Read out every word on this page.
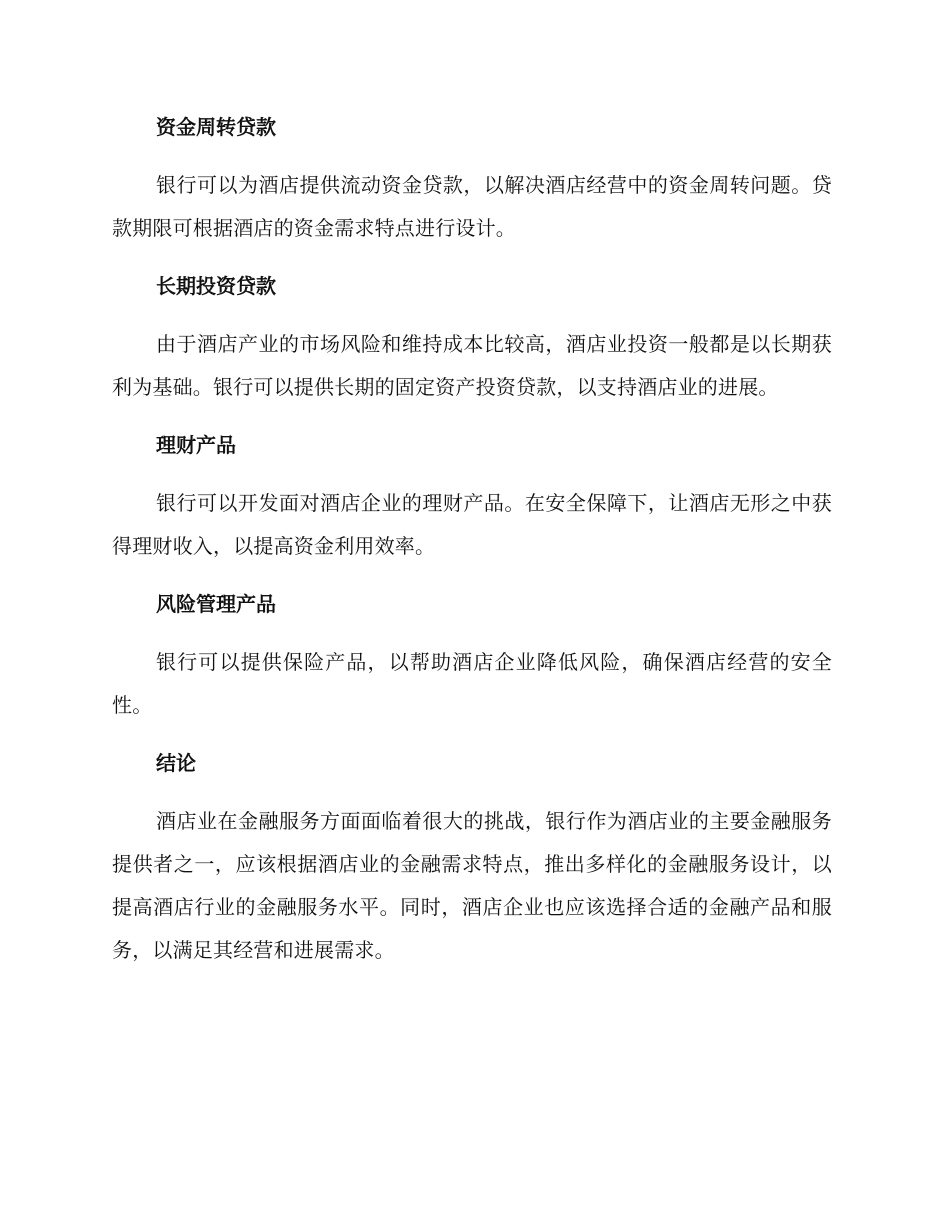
资金周转贷款

银行可以为酒店提供流动资金贷款，以解决酒店经营中的资金周转问题。贷款期限可根据酒店的资金需求特点进行设计。

长期投资贷款

由于酒店产业的市场风险和维持成本比较高，酒店业投资一般都是以长期获利为基础。银行可以提供长期的固定资产投资贷款，以支持酒店业的进展。

理财产品

银行可以开发面对酒店企业的理财产品。在安全保障下，让酒店无形之中获得理财收入，以提高资金利用效率。

风险管理产品

银行可以提供保险产品，以帮助酒店企业降低风险，确保酒店经营的安全性。

结论

酒店业在金融服务方面面临着很大的挑战，银行作为酒店业的主要金融服务提供者之一，应该根据酒店业的金融需求特点，推出多样化的金融服务设计，以提高酒店行业的金融服务水平。同时，酒店企业也应该选择合适的金融产品和服务，以满足其经营和进展需求。
